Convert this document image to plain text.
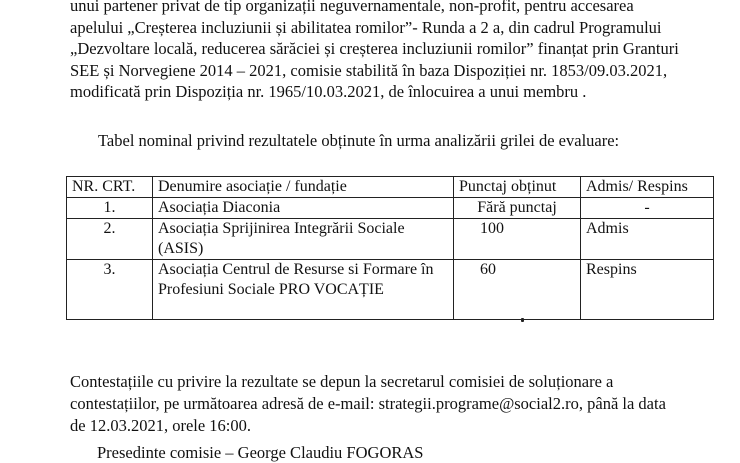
unui partener privat de tip organizații neguvernamentale, non-profit, pentru accesarea
apelului „Creșterea incluziunii și abilitatea romilor”- Runda a 2 a, din cadrul Programului
„Dezvoltare locală, reducerea sărăciei și creșterea incluziunii romilor” finanțat prin Granturi
SEE și Norvegiene 2014 – 2021, comisie stabilită în baza Dispoziției nr. 1853/09.03.2021,
modificată prin Dispoziția nr. 1965/10.03.2021, de înlocuirea a unui membru .

Tabel nominal privind rezultatele obținute în urma analizării grilei de evaluare:

NR. CRT.	Denumire asociație / fundație	Punctaj obținut	Admis/ Respins
1.	Asociația Diaconia	Fără punctaj	-
2.	Asociația Sprijinirea Integrării Sociale (ASIS)	100	Admis
3.	Asociația Centrul de Resurse si Formare în Profesiuni Sociale PRO VOCAȚIE	60	Respins

Contestațiile cu privire la rezultate se depun la secretarul comisiei de soluționare a
contestațiilor, pe următoarea adresă de e-mail: strategii.programe@social2.ro, până la data
de 12.03.2021, orele 16:00.

Presedinte comisie – George Claudiu FOGORAS
